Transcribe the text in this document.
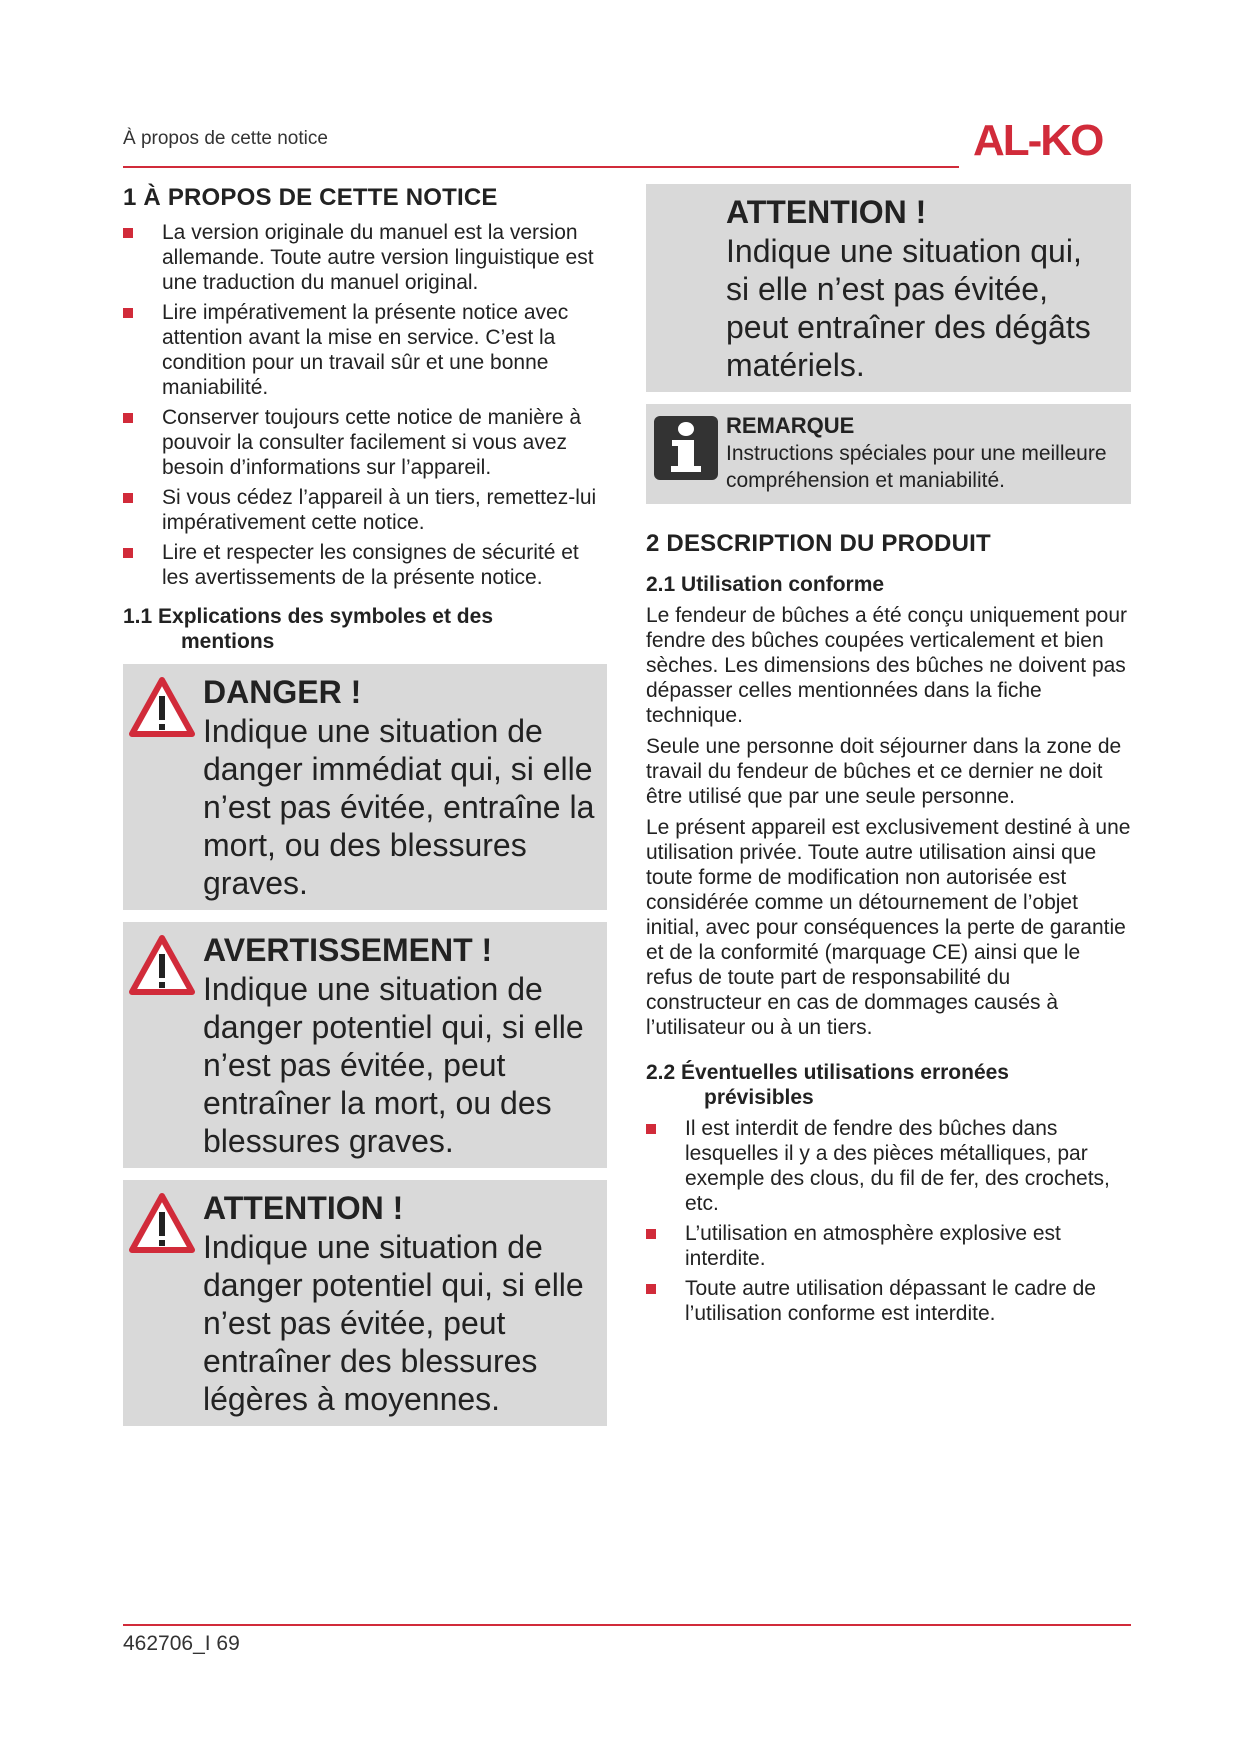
À propos de cette notice	AL-KO
1 À PROPOS DE CETTE NOTICE
La version originale du manuel est la version allemande. Toute autre version linguistique est une traduction du manuel original.
Lire impérativement la présente notice avec attention avant la mise en service. C’est la condition pour un travail sûr et une bonne maniabilité.
Conserver toujours cette notice de manière à pouvoir la consulter facilement si vous avez besoin d’informations sur l’appareil.
Si vous cédez l’appareil à un tiers, remettez-lui impérativement cette notice.
Lire et respecter les consignes de sécurité et les avertissements de la présente notice.
1.1 Explications des symboles et des
mentions
DANGER !
Indique une situation de danger immédiat qui, si elle n’est pas évitée, entraîne la mort, ou des blessures graves.
AVERTISSEMENT !
Indique une situation de danger potentiel qui, si elle n’est pas évitée, peut entraîner la mort, ou des blessures graves.
ATTENTION !
Indique une situation de danger potentiel qui, si elle n’est pas évitée, peut entraîner des blessures légères à moyennes.
ATTENTION !
Indique une situation qui, si elle n’est pas évitée, peut entraîner des dégâts matériels.
REMARQUE
Instructions spéciales pour une meilleure compréhension et maniabilité.
2 DESCRIPTION DU PRODUIT
2.1 Utilisation conforme

Le fendeur de bûches a été conçu uniquement pour fendre des bûches coupées verticalement et bien sèches. Les dimensions des bûches ne doivent pas dépasser celles mentionnées dans la fiche technique.

Seule une personne doit séjourner dans la zone de travail du fendeur de bûches et ce dernier ne doit être utilisé que par une seule personne.

Le présent appareil est exclusivement destiné à une utilisation privée. Toute autre utilisation ainsi que toute forme de modification non autorisée est considérée comme un détournement de l’objet initial, avec pour conséquences la perte de garantie et de la conformité (marquage CE) ainsi que le refus de toute part de responsabilité du constructeur en cas de dommages causés à l’utilisateur ou à un tiers.

2.2 Éventuelles utilisations erronées
prévisibles
Il est interdit de fendre des bûches dans lesquelles il y a des pièces métalliques, par exemple des clous, du fil de fer, des crochets, etc.
L’utilisation en atmosphère explosive est interdite.
Toute autre utilisation dépassant le cadre de l’utilisation conforme est interdite.
462706_I 69
